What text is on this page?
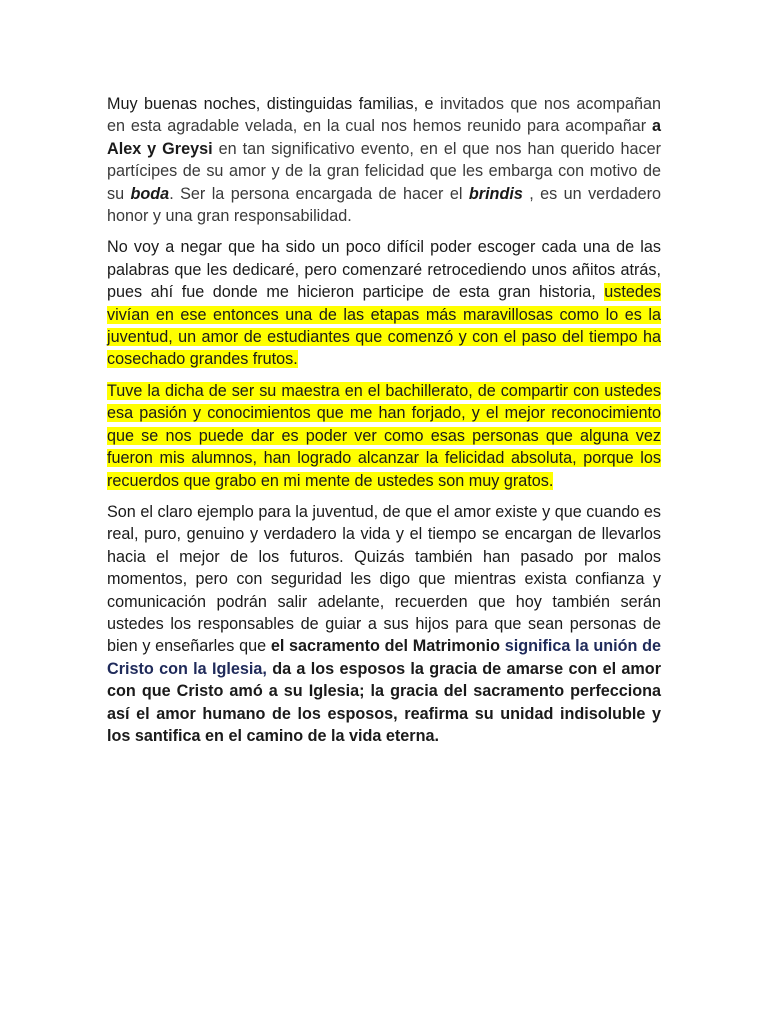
Muy buenas noches, distinguidas familias, e invitados que nos acompañan en esta agradable velada, en la cual nos hemos reunido para acompañar a Alex y Greysi en tan significativo evento, en el que nos han querido hacer partícipes de su amor y de la gran felicidad que les embarga con motivo de su boda. Ser la persona encargada de hacer el brindis , es un verdadero honor y una gran responsabilidad.

No voy a negar que ha sido un poco difícil poder escoger cada una de las palabras que les dedicaré, pero comenzaré retrocediendo unos añitos atrás, pues ahí fue donde me hicieron participe de esta gran historia, ustedes vivían en ese entonces una de las etapas más maravillosas como lo es la juventud, un amor de estudiantes que comenzó y con el paso del tiempo ha cosechado grandes frutos.

Tuve la dicha de ser su maestra en el bachillerato, de compartir con ustedes esa pasión y conocimientos que me han forjado, y el mejor reconocimiento que se nos puede dar es poder ver como esas personas que alguna vez fueron mis alumnos, han logrado alcanzar la felicidad absoluta, porque los recuerdos que grabo en mi mente de ustedes son muy gratos.

Son el claro ejemplo para la juventud, de que el amor existe y que cuando es real, puro, genuino y verdadero la vida y el tiempo se encargan de llevarlos hacia el mejor de los futuros. Quizás también han pasado por malos momentos, pero con seguridad les digo que mientras exista confianza y comunicación podrán salir adelante, recuerden que hoy también serán ustedes los responsables de guiar a sus hijos para que sean personas de bien y enseñarles que el sacramento del Matrimonio significa la unión de Cristo con la Iglesia, da a los esposos la gracia de amarse con el amor con que Cristo amó a su Iglesia; la gracia del sacramento perfecciona así el amor humano de los esposos, reafirma su unidad indisoluble y los santifica en el camino de la vida eterna.
